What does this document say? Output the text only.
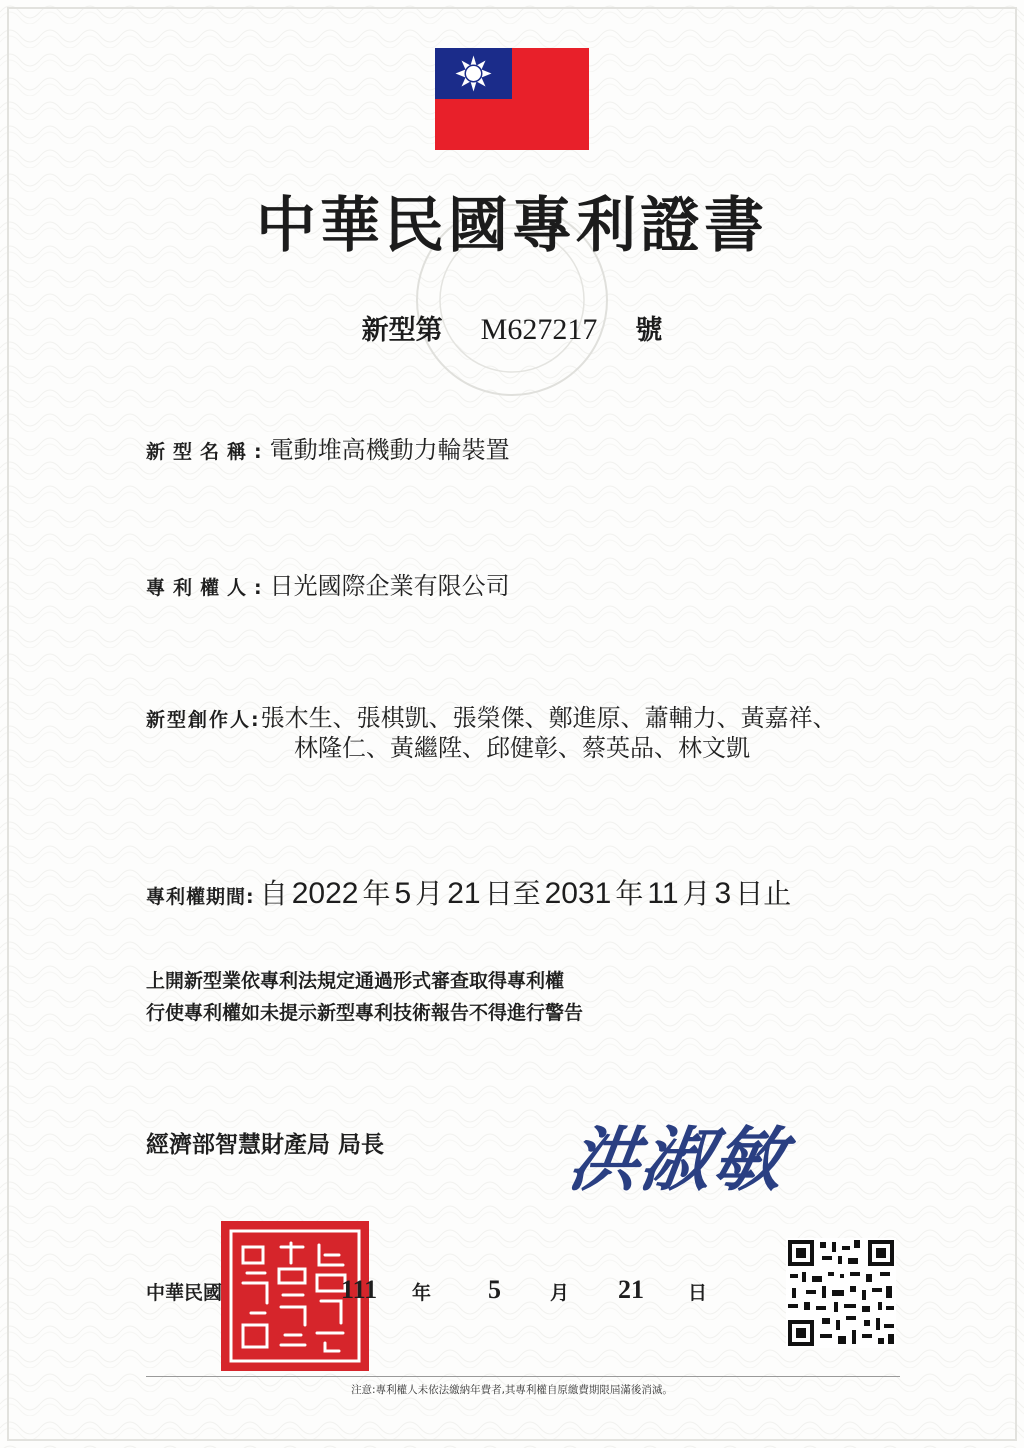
中華民國專利證書
新型第 M627217 號
新型名稱:電動堆高機動力輪裝置
專利權人:日光國際企業有限公司
新型創作人:張木生、張棋凱、張榮傑、鄭進原、蕭輔力、黃嘉祥、
林隆仁、黃繼陞、邱健彰、蔡英品、林文凱
專利權期間: 自 2022 年 5 月 21 日至 2031 年 11 月 3 日止
上開新型業依專利法規定通過形式審查取得專利權
行使專利權如未提示新型專利技術報告不得進行警告
經濟部智慧財產局 局長	洪淑敏
中華民國	111 年 5	月 21 日
注意:專利權人未依法繳納年費者,其專利權自原繳費期限屆滿後消滅。
